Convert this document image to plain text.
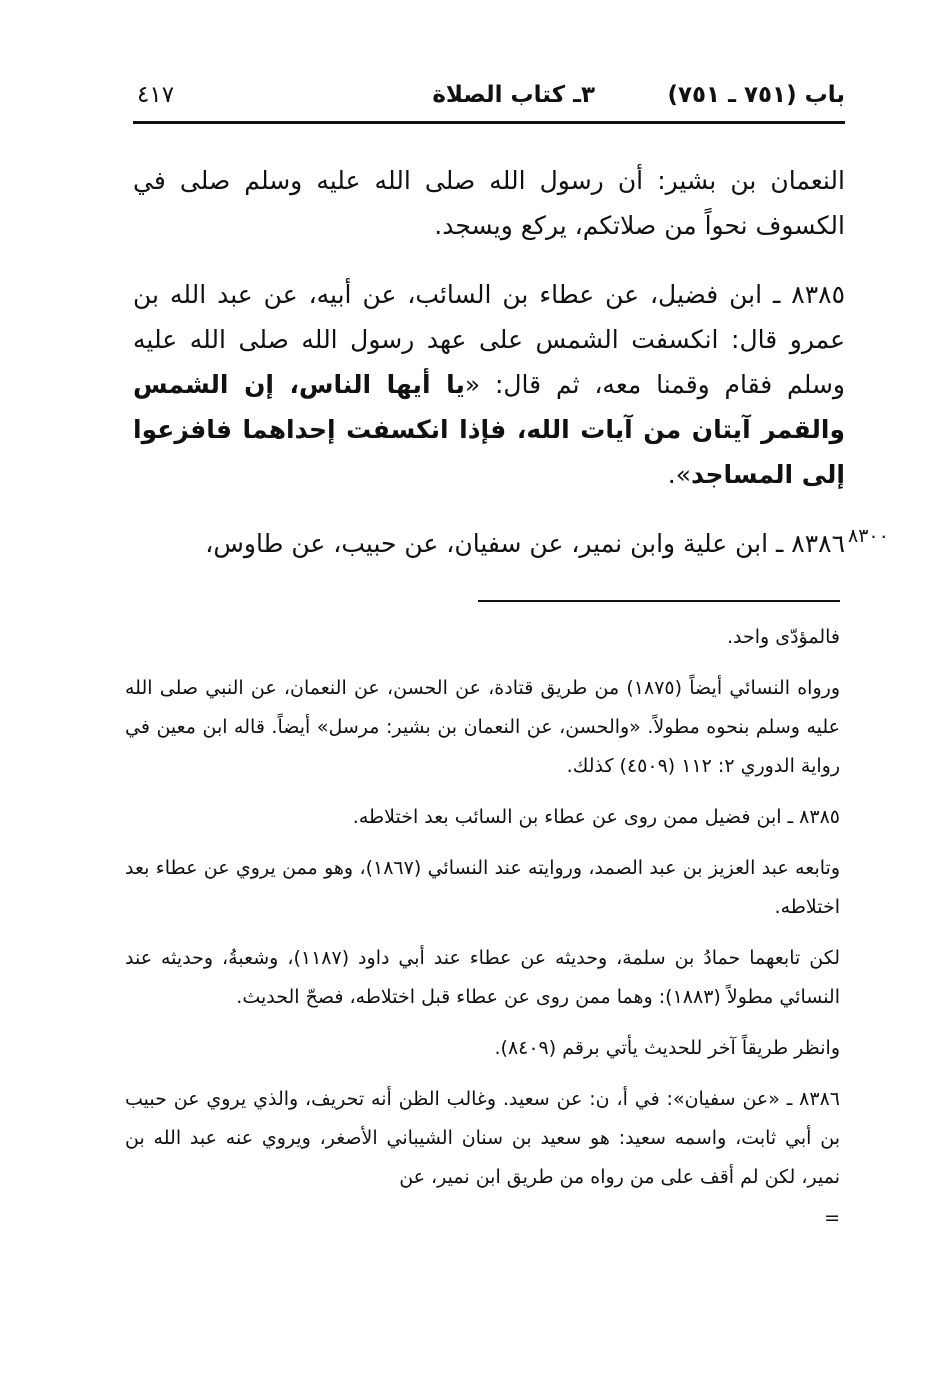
باب (٧٥١ ـ ٧٥١)
٣ـ كتاب الصلاة
٤١٧

النعمان بن بشير: أن رسول الله صلى الله عليه وسلم صلى في الكسوف نحواً من صلاتكم، يركع ويسجد.

٨٣٨٥ ـ ابن فضيل، عن عطاء بن السائب، عن أبيه، عن عبد الله بن عمرو قال: انكسفت الشمس على عهد رسول الله صلى الله عليه وسلم فقام وقمنا معه، ثم قال: «يا أيها الناس، إن الشمس والقمر آيتان من آيات الله، فإذا انكسفت إحداهما فافزعوا إلى المساجد».

٨٣٨٦ ـ ابن علية وابن نمير، عن سفيان، عن حبيب، عن طاوس، ٨٣٠٠

فالمؤدّى واحد.

ورواه النسائي أيضاً (١٨٧٥) من طريق قتادة، عن الحسن، عن النعمان، عن النبي صلى الله عليه وسلم بنحوه مطولاً. «والحسن، عن النعمان بن بشير: مرسل» أيضاً. قاله ابن معين في رواية الدوري ٢: ١١٢ (٤٥٠٩) كذلك.

٨٣٨٥ ـ ابن فضيل ممن روى عن عطاء بن السائب بعد اختلاطه.

وتابعه عبد العزيز بن عبد الصمد، وروايته عند النسائي (١٨٦٧)، وهو ممن يروي عن عطاء بعد اختلاطه.

لكن تابعهما حمادُ بن سلمة، وحديثه عن عطاء عند أبي داود (١١٨٧)، وشعبةُ، وحديثه عند النسائي مطولاً (١٨٨٣): وهما ممن روى عن عطاء قبل اختلاطه، فصحّ الحديث.

وانظر طريقاً آخر للحديث يأتي برقم (٨٤٠٩).

٨٣٨٦ ـ «عن سفيان»: في أ، ن: عن سعيد. وغالب الظن أنه تحريف، والذي يروي عن حبيب بن أبي ثابت، واسمه سعيد: هو سعيد بن سنان الشيباني الأصغر، ويروي عنه عبد الله بن نمير، لكن لم أقف على من رواه من طريق ابن نمير، عن

=
